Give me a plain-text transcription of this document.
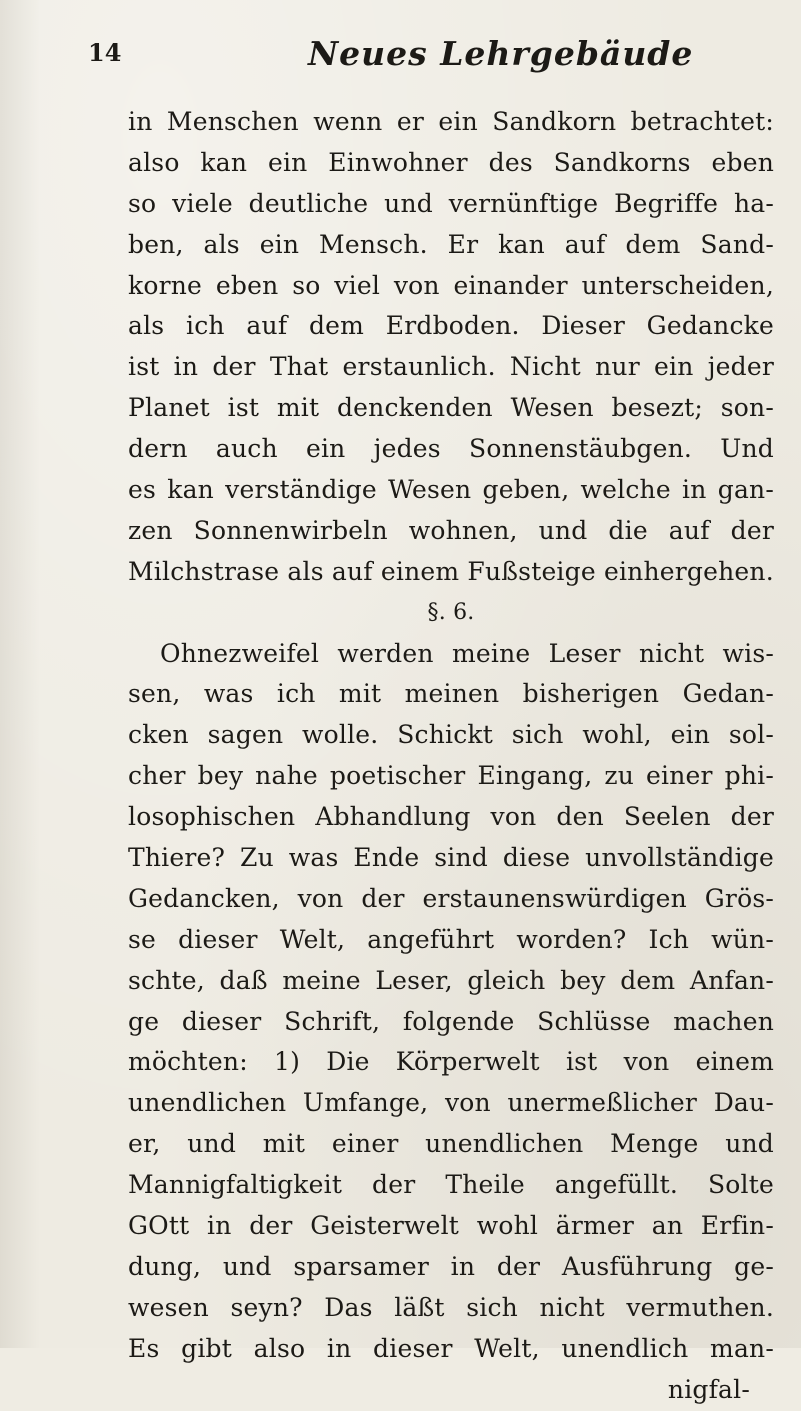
14	Neues Lehrgebäude
in Menschen wenn er ein Sandkorn betrachtet:
also kan ein Einwohner des Sandkorns eben
so viele deutliche und vernünftige Begriffe ha-
ben, als ein Mensch. Er kan auf dem Sand-
korne eben so viel von einander unterscheiden,
als ich auf dem Erdboden. Dieser Gedancke
ist in der That erstaunlich. Nicht nur ein jeder
Planet ist mit denckenden Wesen besezt; son-
dern auch ein jedes Sonnenstäubgen. Und
es kan verständige Wesen geben, welche in gan-
zen Sonnenwirbeln wohnen, und die auf der
Milchstrase als auf einem Fußsteige einhergehen.
§. 6.
Ohnezweifel werden meine Leser nicht wis-
sen, was ich mit meinen bisherigen Gedan-
cken sagen wolle. Schickt sich wohl, ein sol-
cher bey nahe poetischer Eingang, zu einer phi-
losophischen Abhandlung von den Seelen der
Thiere? Zu was Ende sind diese unvollständige
Gedancken, von der erstaunenswürdigen Grös-
se dieser Welt, angeführt worden? Ich wün-
schte, daß meine Leser, gleich bey dem Anfan-
ge dieser Schrift, folgende Schlüsse machen
möchten: 1) Die Körperwelt ist von einem
unendlichen Umfange, von unermeßlicher Dau-
er, und mit einer unendlichen Menge und
Mannigfaltigkeit der Theile angefüllt. Solte
GOtt in der Geisterwelt wohl ärmer an Erfin-
dung, und sparsamer in der Ausführung ge-
wesen seyn? Das läßt sich nicht vermuthen.
Es gibt also in dieser Welt, unendlich man-
nigfal-
